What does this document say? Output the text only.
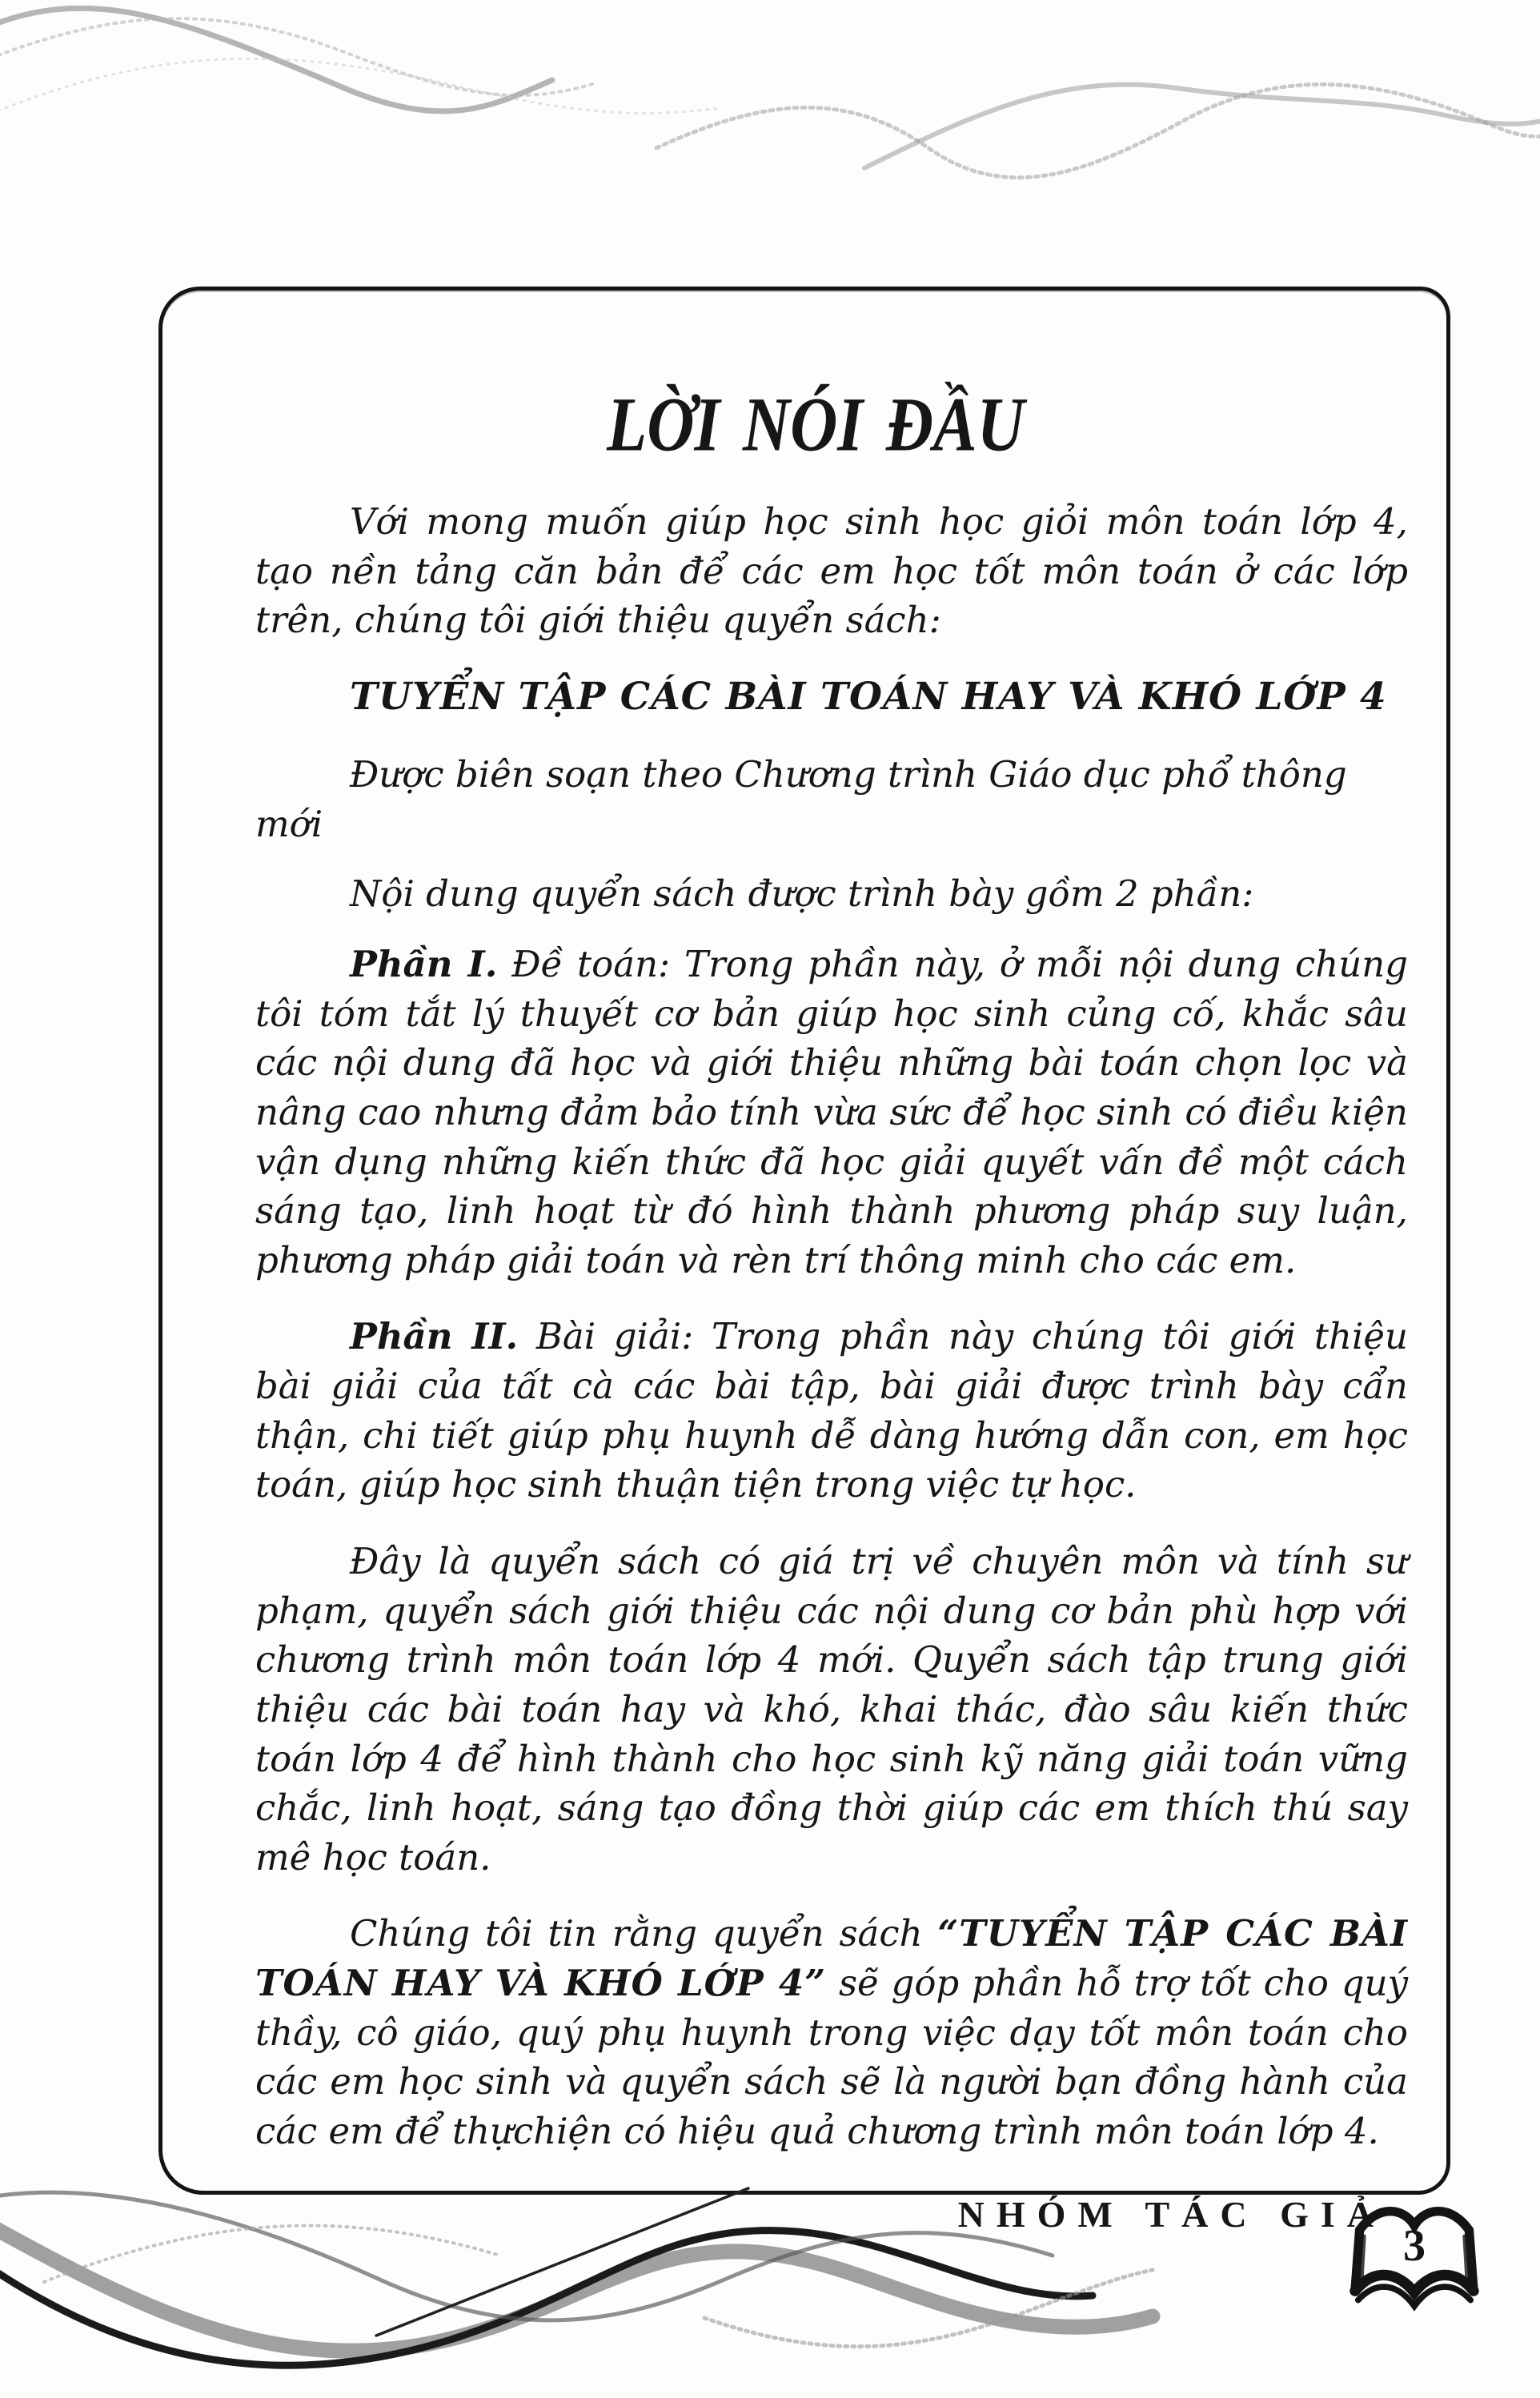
LỜI NÓI ĐẦU

Với mong muốn giúp học sinh học giỏi môn toán lớp 4, tạo nền tảng căn bản để các em học tốt môn toán ở các lớp trên, chúng tôi giới thiệu quyển sách:

TUYỂN TẬP CÁC BÀI TOÁN HAY VÀ KHÓ LỚP 4

Được biên soạn theo Chương trình Giáo dục phổ thông mới

Nội dung quyển sách được trình bày gồm 2 phần:

Phần I. Đề toán: Trong phần này, ở mỗi nội dung chúng tôi tóm tắt lý thuyết cơ bản giúp học sinh củng cố, khắc sâu các nội dung đã học và giới thiệu những bài toán chọn lọc và nâng cao nhưng đảm bảo tính vừa sức để học sinh có điều kiện vận dụng những kiến thức đã học giải quyết vấn đề một cách sáng tạo, linh hoạt từ đó hình thành phương pháp suy luận, phương pháp giải toán và rèn trí thông minh cho các em.

Phần II. Bài giải: Trong phần này chúng tôi giới thiệu bài giải của tất cà các bài tập, bài giải được trình bày cẩn thận, chi tiết giúp phụ huynh dễ dàng hướng dẫn con, em học toán, giúp học sinh thuận tiện trong việc tự học.

Đây là quyển sách có giá trị về chuyên môn và tính sư phạm, quyển sách giới thiệu các nội dung cơ bản phù hợp với chương trình môn toán lớp 4 mới. Quyển sách tập trung giới thiệu các bài toán hay và khó, khai thác, đào sâu kiến thức toán lớp 4 để hình thành cho học sinh kỹ năng giải toán vững chắc, linh hoạt, sáng tạo đồng thời giúp các em thích thú say mê học toán.

Chúng tôi tin rằng quyển sách “TUYỂN TẬP CÁC BÀI TOÁN HAY VÀ KHÓ LỚP 4” sẽ góp phần hỗ trợ tốt cho quý thầy, cô giáo, quý phụ huynh trong việc dạy tốt môn toán cho các em học sinh và quyển sách sẽ là người bạn đồng hành của các em để thựchiện có hiệu quả chương trình môn toán lớp 4.

NHÓM TÁC GIẢ

3
